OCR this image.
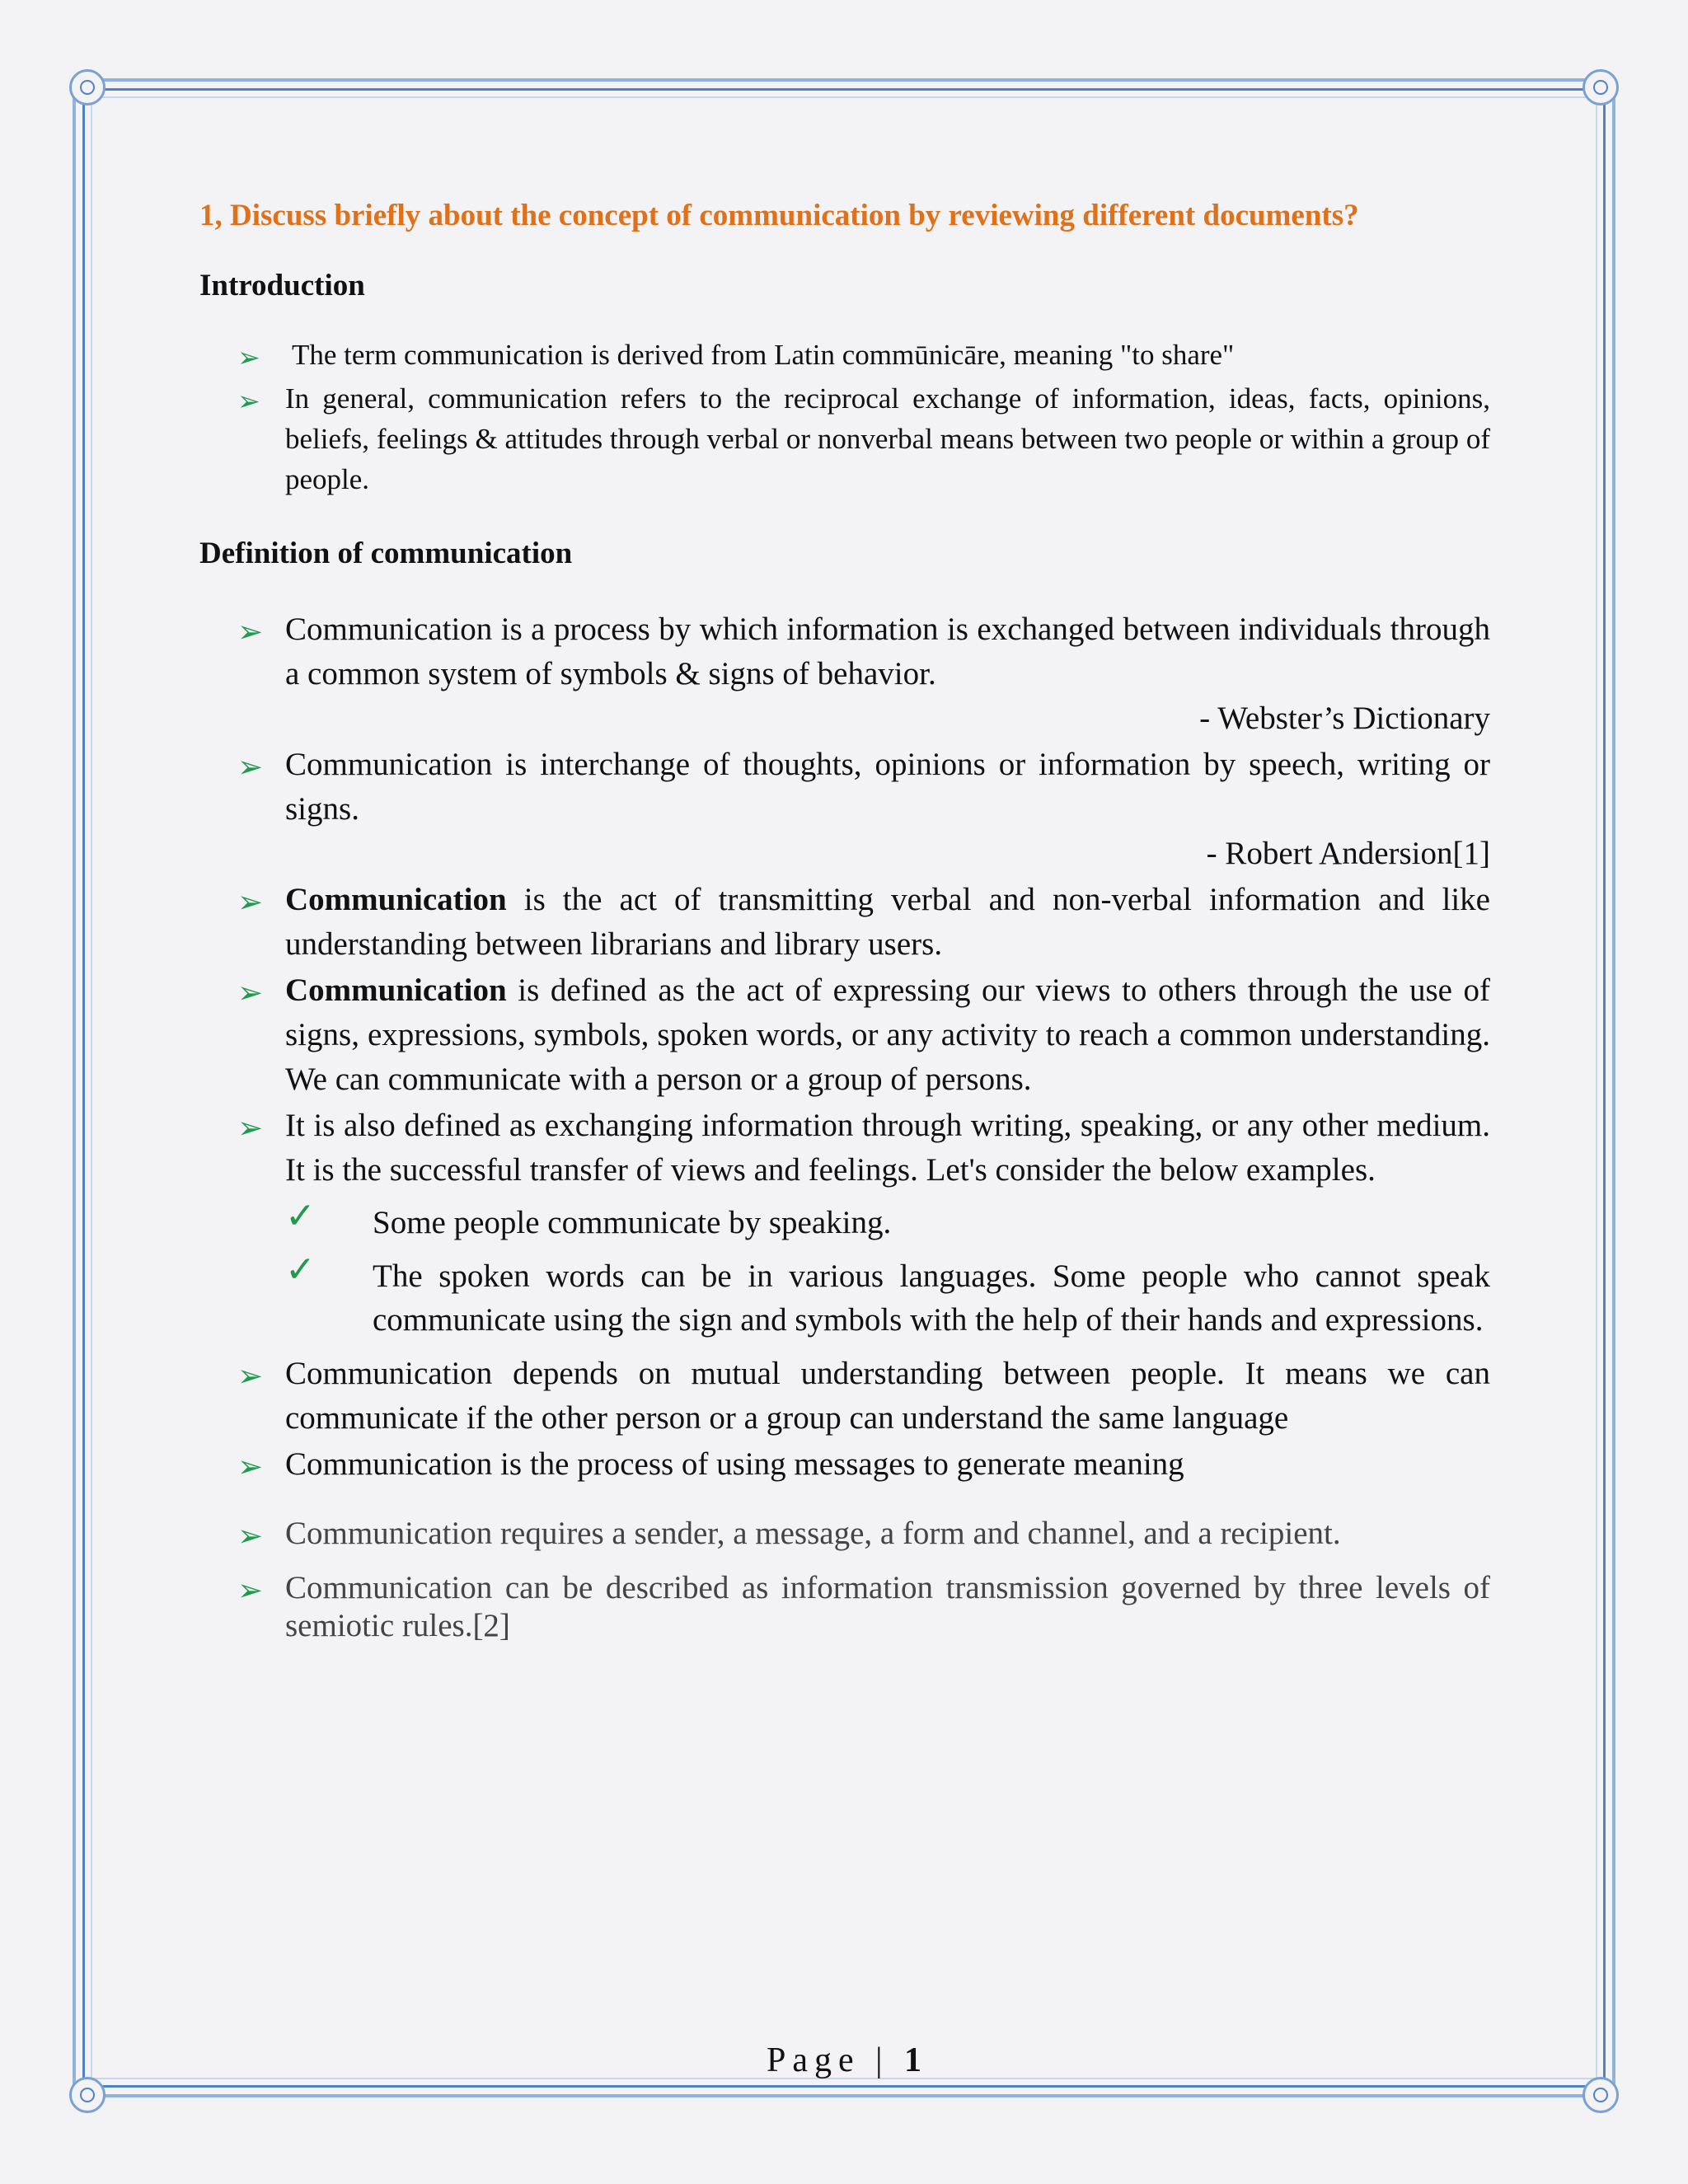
1, Discuss briefly about the concept of communication by reviewing different documents?
Introduction
➢ The term communication is derived from Latin commūnicāre, meaning "to share"
➢ In general, communication refers to the reciprocal exchange of information, ideas, facts, opinions, beliefs, feelings & attitudes through verbal or nonverbal means between two people or within a group of people.
Definition of communication
➢ Communication is a process by which information is exchanged between individuals through a common system of symbols & signs of behavior.
- Webster’s Dictionary
➢ Communication is interchange of thoughts, opinions or information by speech, writing or signs.
- Robert Andersion[1]
➢ Communication is the act of transmitting verbal and non-verbal information and like understanding between librarians and library users.
➢ Communication is defined as the act of expressing our views to others through the use of signs, expressions, symbols, spoken words, or any activity to reach a common understanding. We can communicate with a person or a group of persons.
➢ It is also defined as exchanging information through writing, speaking, or any other medium. It is the successful transfer of views and feelings. Let's consider the below examples.
✓ Some people communicate by speaking.
✓ The spoken words can be in various languages. Some people who cannot speak communicate using the sign and symbols with the help of their hands and expressions.
➢ Communication depends on mutual understanding between people. It means we can communicate if the other person or a group can understand the same language
➢ Communication is the process of using messages to generate meaning
➢ Communication requires a sender, a message, a form and channel, and a recipient.
➢ Communication can be described as information transmission governed by three levels of semiotic rules.[2]
Page | 1
